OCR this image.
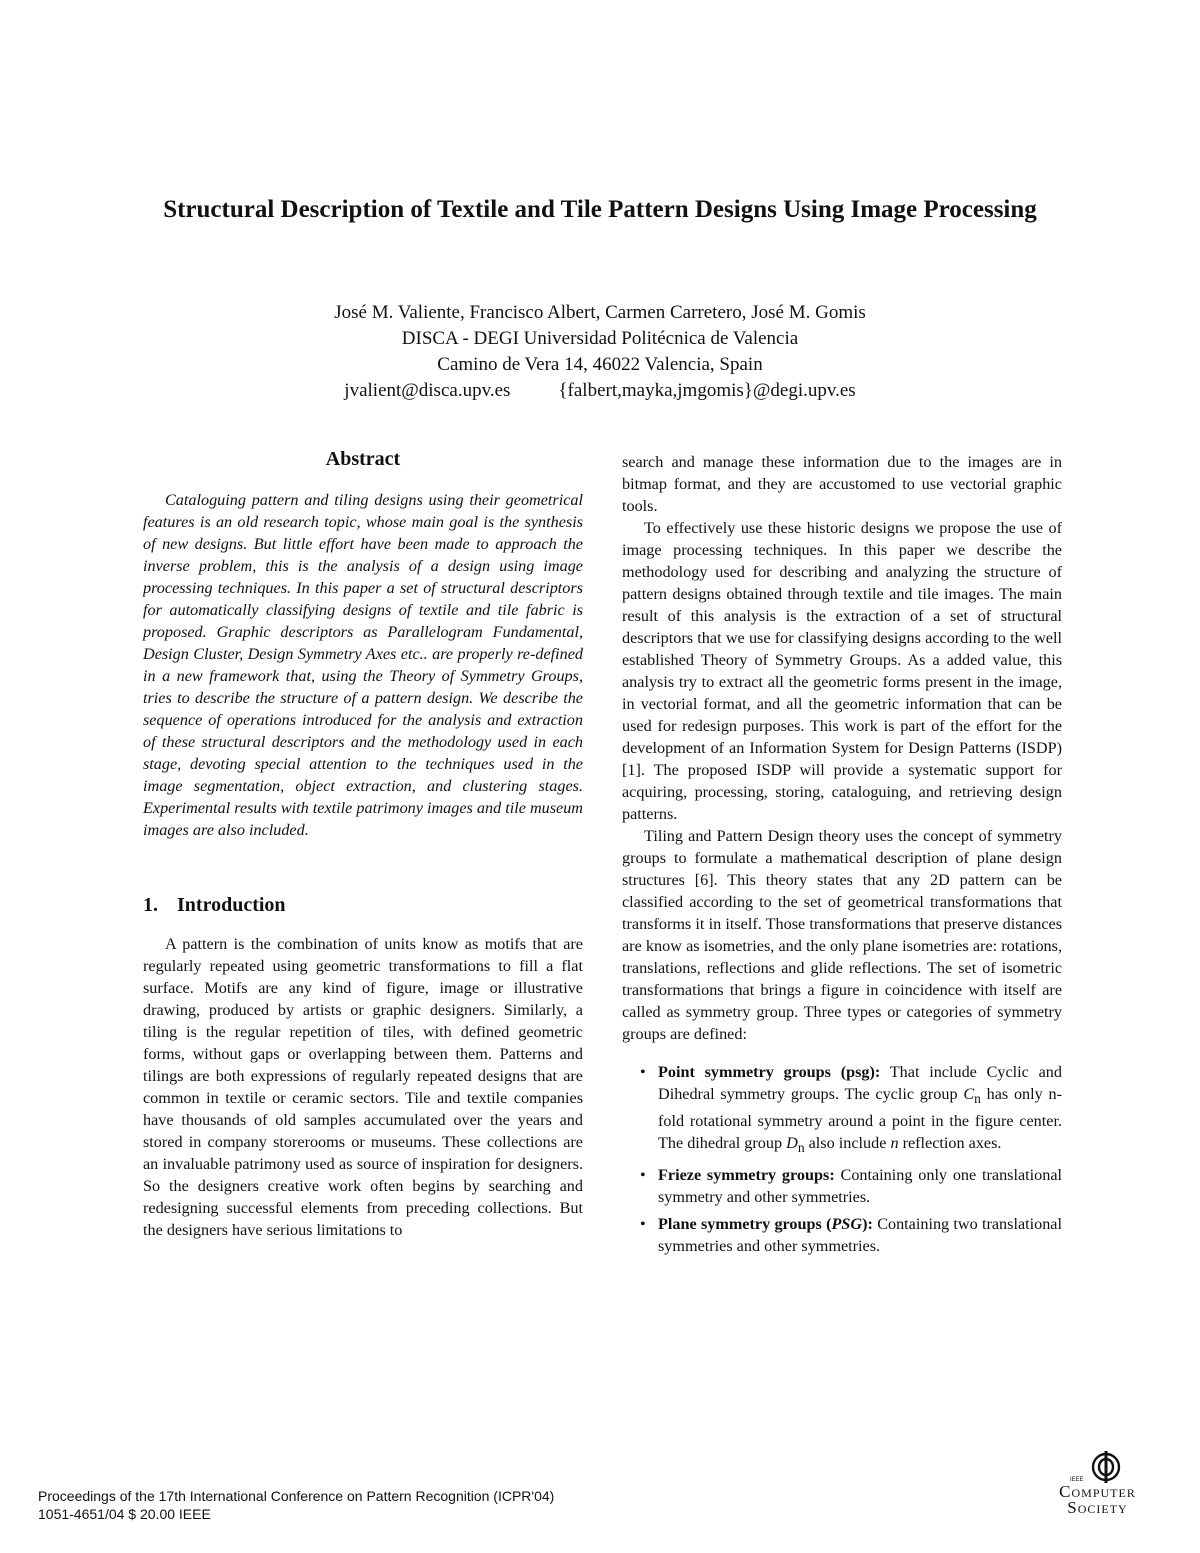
Structural Description of Textile and Tile Pattern Designs Using Image Processing
José M. Valiente, Francisco Albert, Carmen Carretero, José M. Gomis
DISCA - DEGI Universidad Politécnica de Valencia
Camino de Vera 14, 46022 Valencia, Spain
jvalient@disca.upv.es	{falbert,mayka,jmgomis}@degi.upv.es
Abstract

Cataloguing pattern and tiling designs using their geometrical features is an old research topic, whose main goal is the synthesis of new designs. But little effort have been made to approach the inverse problem, this is the analysis of a design using image processing techniques. In this paper a set of structural descriptors for automatically classifying designs of textile and tile fabric is proposed. Graphic descriptors as Parallelogram Fundamental, Design Cluster, Design Symmetry Axes etc.. are properly re-defined in a new framework that, using the Theory of Symmetry Groups, tries to describe the structure of a pattern design. We describe the sequence of operations introduced for the analysis and extraction of these structural descriptors and the methodology used in each stage, devoting special attention to the techniques used in the image segmentation, object extraction, and clustering stages. Experimental results with textile patrimony images and tile museum images are also included.

1. Introduction

A pattern is the combination of units know as motifs that are regularly repeated using geometric transformations to fill a flat surface. Motifs are any kind of figure, image or illustrative drawing, produced by artists or graphic designers. Similarly, a tiling is the regular repetition of tiles, with defined geometric forms, without gaps or overlapping between them. Patterns and tilings are both expressions of regularly repeated designs that are common in textile or ceramic sectors. Tile and textile companies have thousands of old samples accumulated over the years and stored in company storerooms or museums. These collections are an invaluable patrimony used as source of inspiration for designers. So the designers creative work often begins by searching and redesigning successful elements from preceding collections. But the designers have serious limitations to

search and manage these information due to the images are in bitmap format, and they are accustomed to use vectorial graphic tools.

To effectively use these historic designs we propose the use of image processing techniques. In this paper we describe the methodology used for describing and analyzing the structure of pattern designs obtained through textile and tile images. The main result of this analysis is the extraction of a set of structural descriptors that we use for classifying designs according to the well established Theory of Symmetry Groups. As a added value, this analysis try to extract all the geometric forms present in the image, in vectorial format, and all the geometric information that can be used for redesign purposes. This work is part of the effort for the development of an Information System for Design Patterns (ISDP) [1]. The proposed ISDP will provide a systematic support for acquiring, processing, storing, cataloguing, and retrieving design patterns.

Tiling and Pattern Design theory uses the concept of symmetry groups to formulate a mathematical description of plane design structures [6]. This theory states that any 2D pattern can be classified according to the set of geometrical transformations that transforms it in itself. Those transformations that preserve distances are know as isometries, and the only plane isometries are: rotations, translations, reflections and glide reflections. The set of isometric transformations that brings a figure in coincidence with itself are called as symmetry group. Three types or categories of symmetry groups are defined:

• Point symmetry groups (psg): That include Cyclic and Dihedral symmetry groups. The cyclic group $C_n$ has only n-fold rotational symmetry around a point in the figure center. The dihedral group $D_n$ also include n reflection axes.
• Frieze symmetry groups: Containing only one translational symmetry and other symmetries.
• Plane symmetry groups (PSG): Containing two translational symmetries and other symmetries.
Proceedings of the 17th International Conference on Pattern Recognition (ICPR'04)
1051-4651/04 $ 20.00 IEEE
IEEE
Computer
Society
